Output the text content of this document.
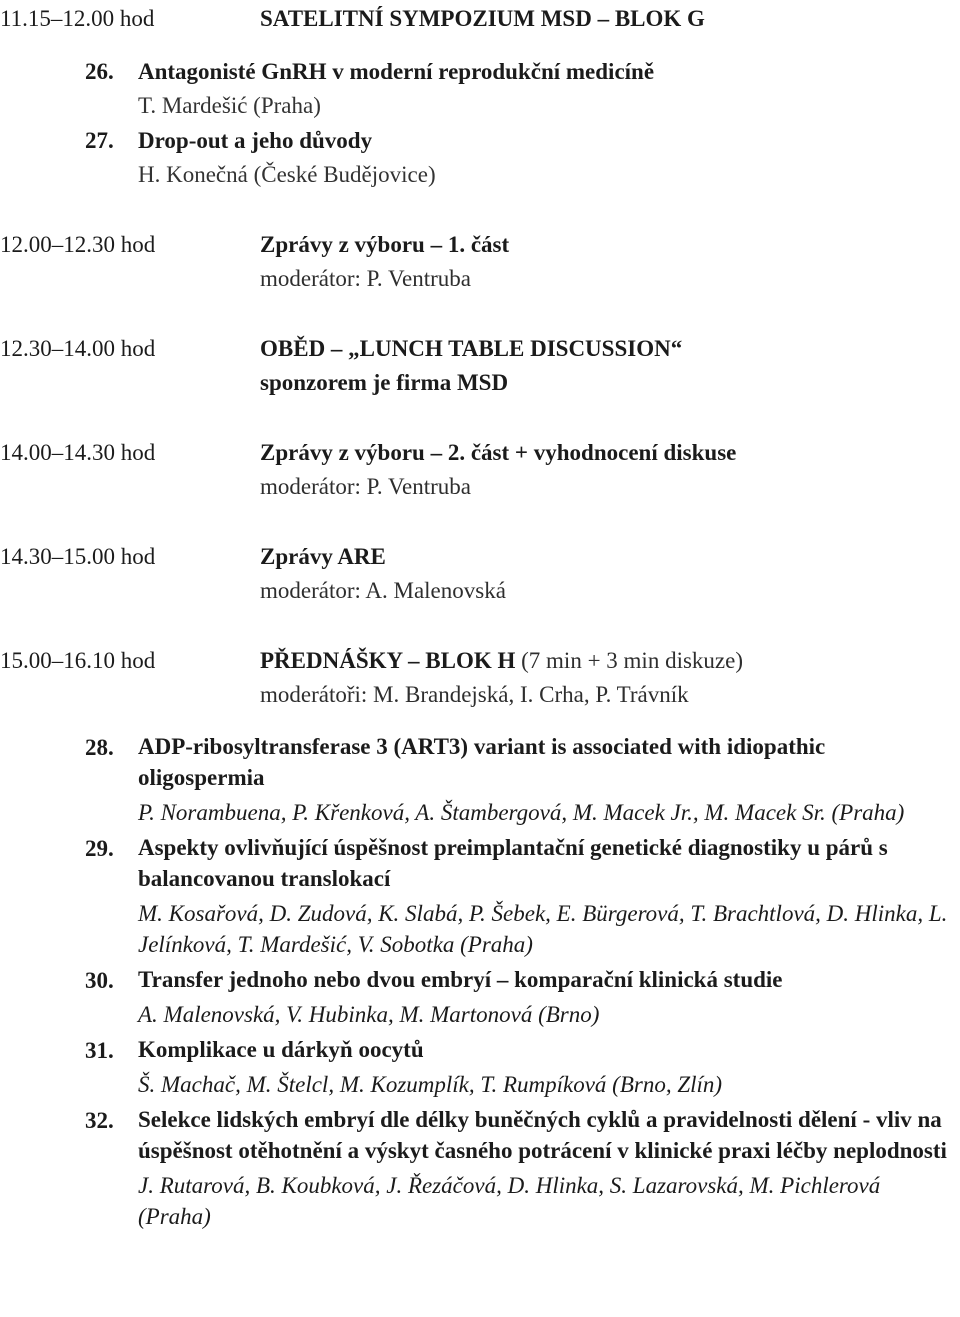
11.15–12.00 hod	SATELITNÍ SYMPOZIUM MSD – BLOK G
26.	Antagonisté GnRH v moderní reprodukční medicíně
T. Mardešić (Praha)
27.	Drop-out a jeho důvody
H. Konečná (České Budějovice)
12.00–12.30 hod	Zprávy z výboru – 1. část
moderátor: P. Ventruba
12.30–14.00 hod	OBĚD – „LUNCH TABLE DISCUSSION“
sponzorem je firma MSD
14.00–14.30 hod	Zprávy z výboru – 2. část + vyhodnocení diskuse
moderátor: P. Ventruba
14.30–15.00 hod	Zprávy ARE
moderátor: A. Malenovská
15.00–16.10 hod	PŘEDNÁŠKY – BLOK H (7 min + 3 min diskuze)
moderátoři: M. Brandejská, I. Crha, P. Trávník
28.	ADP-ribosyltransferase 3 (ART3) variant is associated with idiopathic oligospermia
P. Norambuena, P. Křenková, A. Štambergová, M. Macek Jr., M. Macek Sr. (Praha)
29.	Aspekty ovlivňující úspěšnost preimplantační genetické diagnostiky u párů s balancovanou translokací
M. Kosařová, D. Zudová, K. Slabá, P. Šebek, E. Bürgerová, T. Brachtlová, D. Hlinka, L. Jelínková, T. Mardešić, V. Sobotka (Praha)
30.	Transfer jednoho nebo dvou embryí – komparační klinická studie
A. Malenovská, V. Hubinka, M. Martonová (Brno)
31.	Komplikace u dárkyň oocytů
Š. Machač, M. Štelcl, M. Kozumplík, T. Rumpíková (Brno, Zlín)
32.	Selekce lidských embryí dle délky buněčných cyklů a pravidelnosti dělení - vliv na úspěšnost otěhotnění a výskyt časného potrácení v klinické praxi léčby neplodnosti
J. Rutarová, B. Koubková, J. Řezáčová, D. Hlinka, S. Lazarovská, M. Pichlerová (Praha)
